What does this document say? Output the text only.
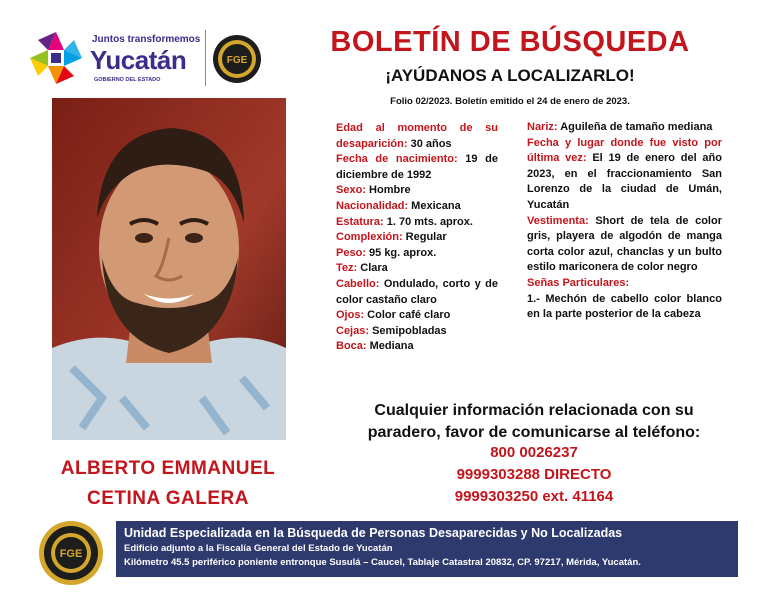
Juntos transformemos
Yucatán
GOBIERNO DEL ESTADO
FGE
BOLETÍN DE BÚSQUEDA
¡AYÚDANOS A LOCALIZARLO!
Folio 02/2023. Boletín emitido el 24 de enero de 2023.
ALBERTO EMMANUEL
CETINA GALERA
Edad al momento de su desaparición: 30 años
Fecha de nacimiento: 19 de diciembre de 1992
Sexo: Hombre
Nacionalidad: Mexicana
Estatura: 1. 70 mts. aprox.
Complexión: Regular
Peso: 95 kg. aprox.
Tez: Clara
Cabello: Ondulado, corto y de color castaño claro
Ojos: Color café claro
Cejas: Semipobladas
Boca: Mediana
Nariz: Aguileña de tamaño mediana
Fecha y lugar donde fue visto por última vez: El 19 de enero del año 2023, en el fraccionamiento San Lorenzo de la ciudad de Umán, Yucatán
Vestimenta: Short de tela de color gris, playera de algodón de manga corta color azul, chanclas y un bulto estilo mariconera de color negro
Señas Particulares:
1.- Mechón de cabello color blanco en la parte posterior de la cabeza
Cualquier información relacionada con su paradero, favor de comunicarse al teléfono:
800 0026237
9999303288 DIRECTO
9999303250 ext. 41164
FGE
Unidad Especializada en la Búsqueda de Personas Desaparecidas y No Localizadas
Edificio adjunto a la Fiscalía General del Estado de Yucatán
Kilómetro 45.5 periférico poniente entronque Susulá – Caucel, Tablaje Catastral 20832, CP. 97217, Mérida, Yucatán.
